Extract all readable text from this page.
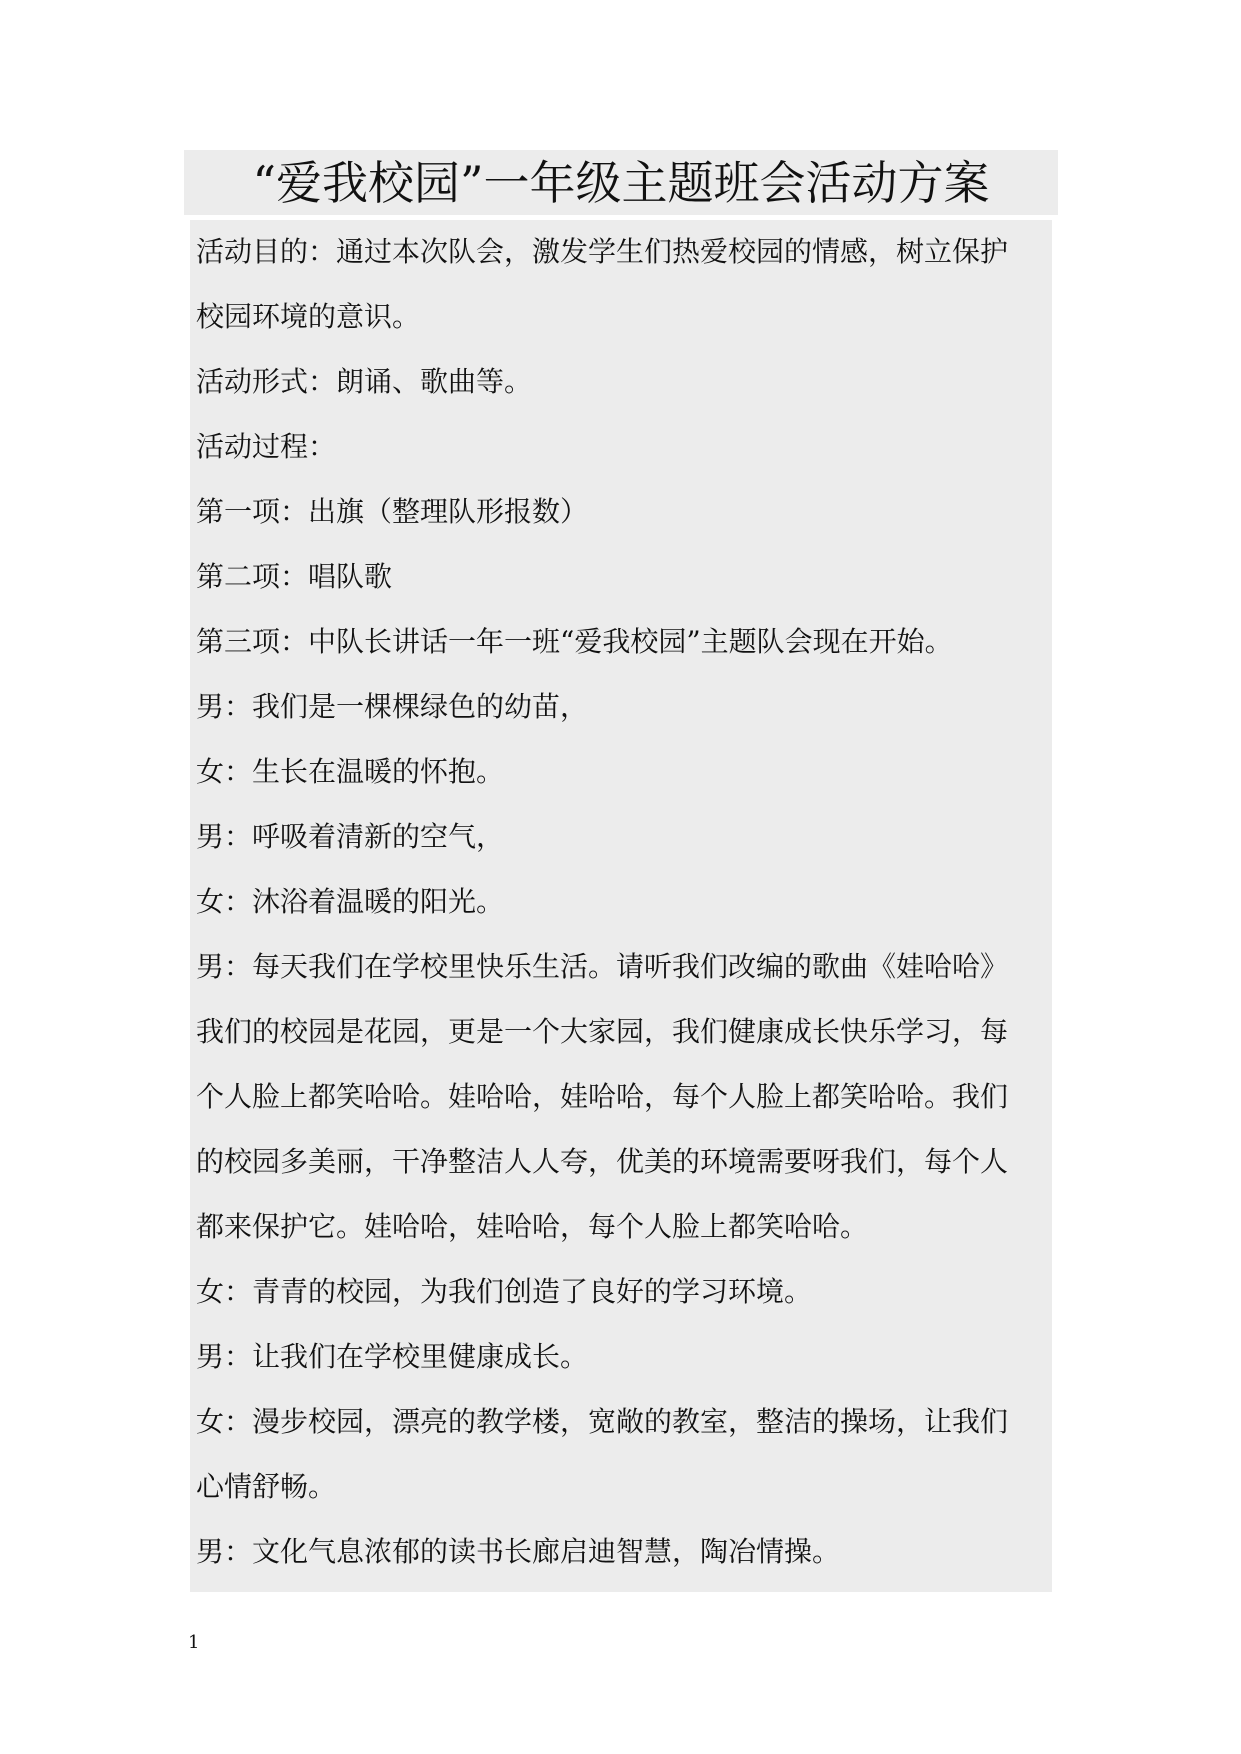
“爱我校园”一年级主题班会活动方案
活动目的：通过本次队会，激发学生们热爱校园的情感，树立保护
校园环境的意识。
活动形式：朗诵、歌曲等。
活动过程：
第一项：出旗（整理队形报数）
第二项：唱队歌
第三项：中队长讲话一年一班“爱我校园”主题队会现在开始。
男：我们是一棵棵绿色的幼苗，
女：生长在温暖的怀抱。
男：呼吸着清新的空气，
女：沐浴着温暖的阳光。
男：每天我们在学校里快乐生活。请听我们改编的歌曲《娃哈哈》
我们的校园是花园，更是一个大家园，我们健康成长快乐学习，每
个人脸上都笑哈哈。娃哈哈，娃哈哈，每个人脸上都笑哈哈。我们
的校园多美丽，干净整洁人人夸，优美的环境需要呀我们，每个人
都来保护它。娃哈哈，娃哈哈，每个人脸上都笑哈哈。
女：青青的校园，为我们创造了良好的学习环境。
男：让我们在学校里健康成长。
女：漫步校园，漂亮的教学楼，宽敞的教室，整洁的操场，让我们
心情舒畅。
男：文化气息浓郁的读书长廊启迪智慧，陶冶情操。
1
